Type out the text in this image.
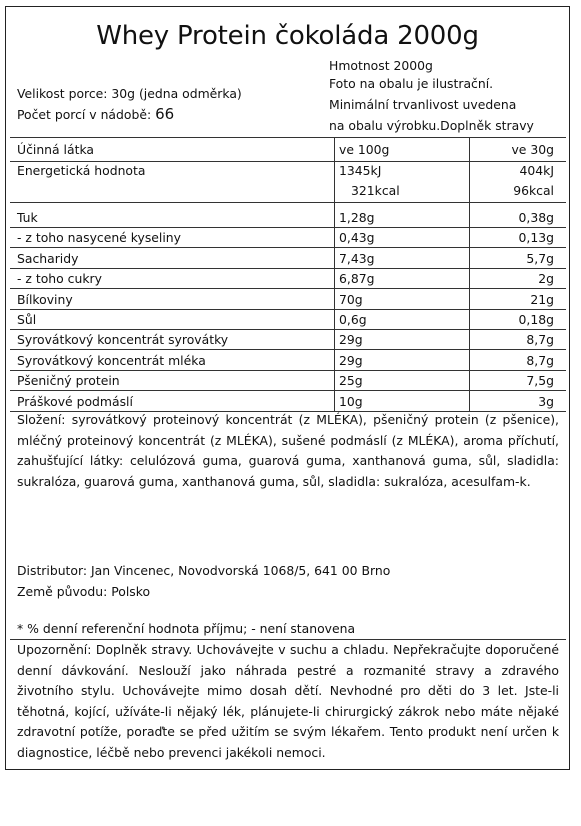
Whey Protein čokoláda 2000g
Hmotnost 2000g
Foto na obalu je ilustrační.
Minimální trvanlivost uvedena
na obalu výrobku.Doplněk stravy
Velikost porce: 30g (jedna odměrka)
Počet porcí v nádobě: 66
Účinná látka	ve 100g	ve 30g
Energetická hodnota	1345kJ	404kJ
321kcal	96kcal
Tuk	1,28g	0,38g
- z toho nasycené kyseliny	0,43g	0,13g
Sacharidy	7,43g	5,7g
- z toho cukry	6,87g	2g
Bílkoviny	70g	21g
Sůl	0,6g	0,18g
Syrovátkový koncentrát syrovátky	29g	8,7g
Syrovátkový koncentrát mléka	29g	8,7g
Pšeničný protein	25g	7,5g
Práškové podmáslí	10g	3g
Složení: syrovátkový proteinový koncentrát (z MLÉKA), pšeničný protein (z pšenice), mléčný proteinový koncentrát (z MLÉKA), sušené podmáslí (z MLÉKA), aroma příchutí, zahušťující látky: celulózová guma, guarová guma, xanthanová guma, sůl, sladidla: sukralóza, guarová guma, xanthanová guma, sůl, sladidla: sukralóza, acesulfam-k.
Distributor: Jan Vincenec, Novodvorská 1068/5, 641 00 Brno
Země původu: Polsko
* % denní referenční hodnota příjmu; - není stanovena
Upozornění: Doplněk stravy. Uchovávejte v suchu a chladu. Nepřekračujte doporučené denní dávkování. Neslouží jako náhrada pestré a rozmanité stravy a zdravého životního stylu. Uchovávejte mimo dosah dětí. Nevhodné pro děti do 3 let. Jste-li těhotná, kojící, užíváte-li nějaký lék, plánujete-li chirurgický zákrok nebo máte nějaké zdravotní potíže, poraďte se před užitím se svým lékařem. Tento produkt není určen k diagnostice, léčbě nebo prevenci jakékoli nemoci.
